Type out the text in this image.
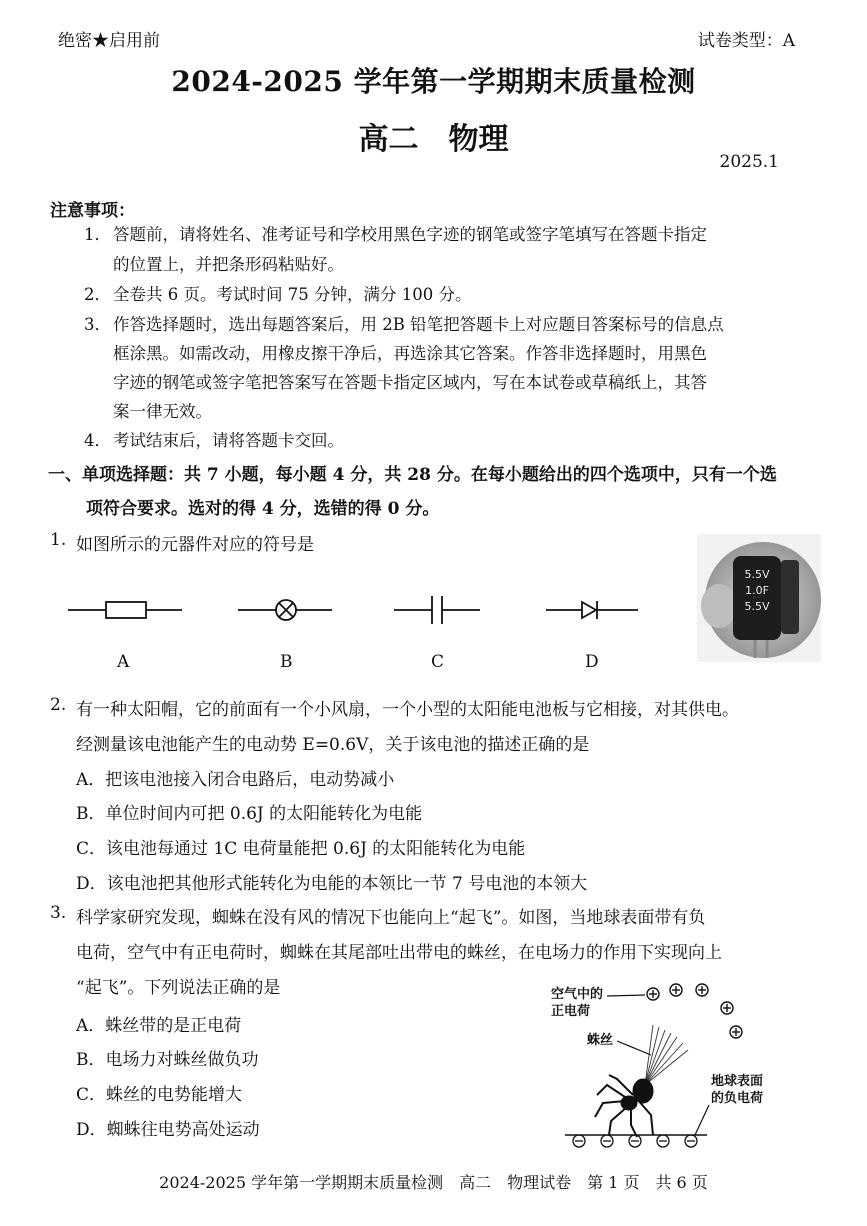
绝密★启用前	试卷类型：A
2024-2025 学年第一学期期末质量检测
高二　物理
2025.1
注意事项：
1． 答题前，请将姓名、准考证号和学校用黑色字迹的钢笔或签字笔填写在答题卡指定
的位置上，并把条形码粘贴好。
2． 全卷共 6 页。考试时间 75 分钟，满分 100 分。
3． 作答选择题时，选出每题答案后，用 2B 铅笔把答题卡上对应题目答案标号的信息点
框涂黑。如需改动，用橡皮擦干净后，再选涂其它答案。作答非选择题时，用黑色
字迹的钢笔或签字笔把答案写在答题卡指定区域内，写在本试卷或草稿纸上，其答
案一律无效。
4． 考试结束后，请将答题卡交回。
一、单项选择题：共 7 小题，每小题 4 分，共 28 分。在每小题给出的四个选项中，只有一个选
项符合要求。选对的得 4 分，选错的得 0 分。
1. 如图所示的元器件对应的符号是
A	B	C	D
5.5V
1.0F
5.5V
2. 有一种太阳帽，它的前面有一个小风扇，一个小型的太阳能电池板与它相接，对其供电。
经测量该电池能产生的电动势 E=0.6V，关于该电池的描述正确的是
A．把该电池接入闭合电路后，电动势减小
B．单位时间内可把 0.6J 的太阳能转化为电能
C．该电池每通过 1C 电荷量能把 0.6J 的太阳能转化为电能
D．该电池把其他形式能转化为电能的本领比一节 7 号电池的本领大
3. 科学家研究发现，蜘蛛在没有风的情况下也能向上“起飞”。如图，当地球表面带有负
电荷，空气中有正电荷时，蜘蛛在其尾部吐出带电的蛛丝，在电场力的作用下实现向上
“起飞”。下列说法正确的是
A．蛛丝带的是正电荷
B．电场力对蛛丝做负功
C．蛛丝的电势能增大
D．蜘蛛往电势高处运动
空气中的
正电荷
蛛丝
地球表面
的负电荷
2024-2025 学年第一学期期末质量检测　高二　物理试卷　第 1 页　共 6 页
